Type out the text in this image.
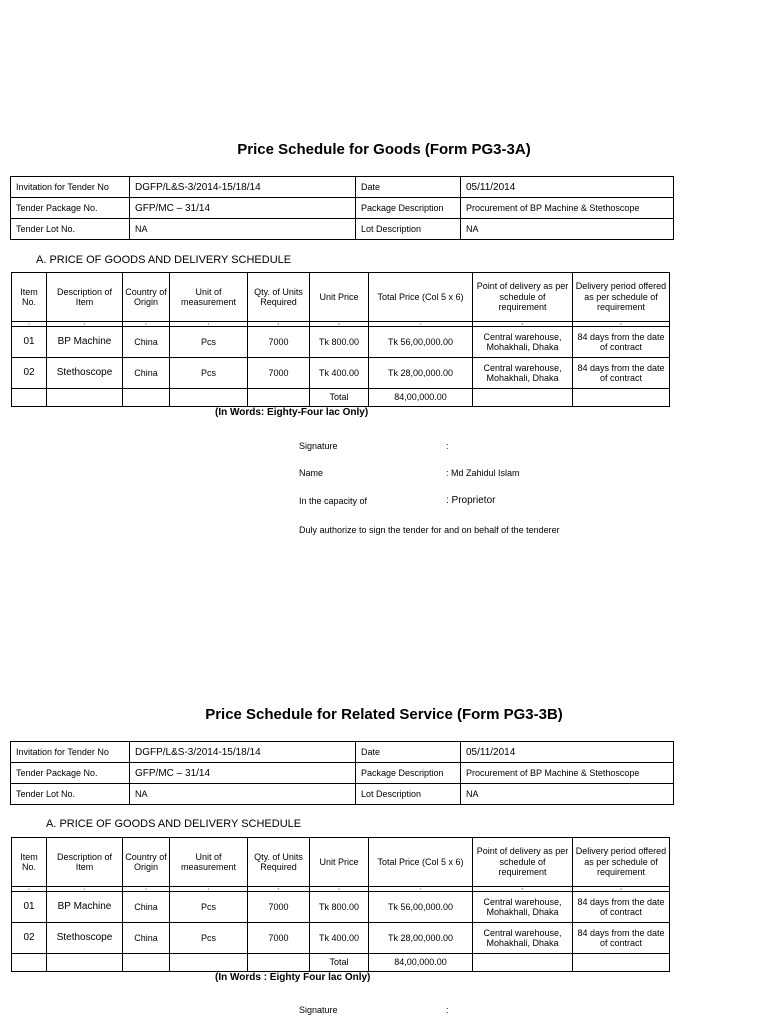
Price Schedule for Goods (Form PG3-3A)
Invitation for Tender No	DGFP/L&S-3/2014-15/18/14	Date	05/11/2014
Tender Package No.	GFP/MC – 31/14	Package Description	Procurement of BP Machine & Stethoscope
Tender Lot No.	NA	Lot Description	NA
A. PRICE OF GOODS AND DELIVERY SCHEDULE
Item No.	Description of Item	Country of Origin	Unit of measurement	Qty. of Units Required	Unit Price	Total Price (Col 5 x 6)	Point of delivery as per schedule of requirement	Delivery period offered as per schedule of requirement
1	2	3	4	5	6	7	8	9
01	BP Machine	China	Pcs	7000	Tk 800.00	Tk 56,00,000.00	Central warehouse, Mohakhali, Dhaka	84 days from the date of contract
02	Stethoscope	China	Pcs	7000	Tk 400.00	Tk 28,00,000.00	Central warehouse, Mohakhali, Dhaka	84 days from the date of contract
					Total	84,00,000.00		
(In Words: Eighty-Four lac Only)
Signature	:
Name	: Md Zahidul Islam
In the capacity of	: Proprietor
Duly authorize to sign the tender for and on behalf of the tenderer
Price Schedule for Related Service (Form PG3-3B)
Invitation for Tender No	DGFP/L&S-3/2014-15/18/14	Date	05/11/2014
Tender Package No.	GFP/MC – 31/14	Package Description	Procurement of BP Machine & Stethoscope
Tender Lot No.	NA	Lot Description	NA
A. PRICE OF GOODS AND DELIVERY SCHEDULE
Item No.	Description of Item	Country of Origin	Unit of measurement	Qty. of Units Required	Unit Price	Total Price (Col 5 x 6)	Point of delivery as per schedule of requirement	Delivery period offered as per schedule of requirement
1	2	3	4	5	6	7	8	9
01	BP Machine	China	Pcs	7000	Tk 800.00	Tk 56,00,000.00	Central warehouse, Mohakhali, Dhaka	84 days from the date of contract
02	Stethoscope	China	Pcs	7000	Tk 400.00	Tk 28,00,000.00	Central warehouse, Mohakhali, Dhaka	84 days from the date of contract
					Total	84,00,000.00		
(In Words : Eighty Four lac Only)
Signature	:
